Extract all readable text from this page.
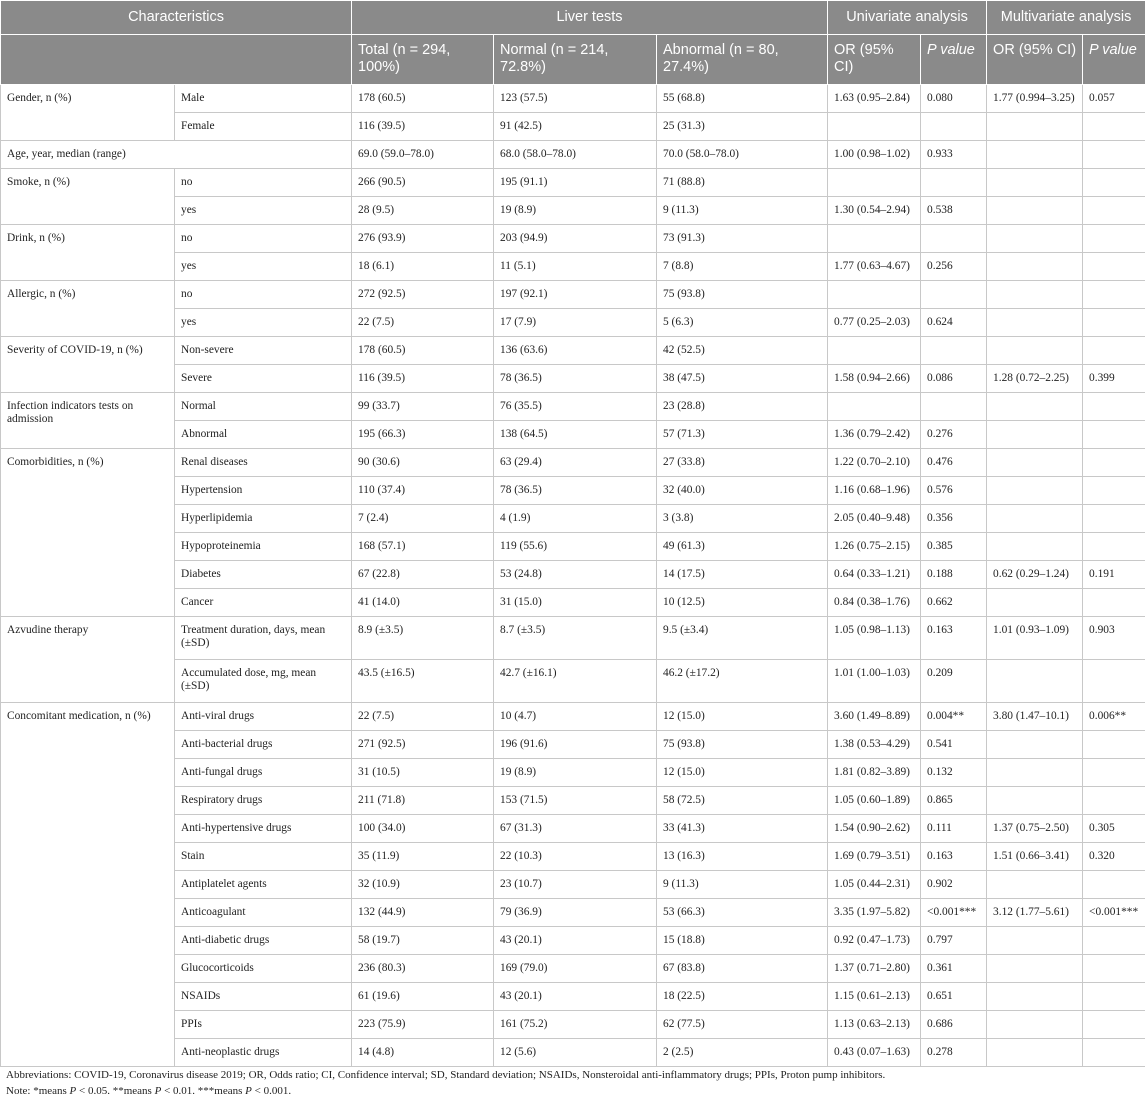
Characteristics		Liver tests			Univariate analysis		Multivariate analysis	
		Total (n = 294, 100%)	Normal (n = 214, 72.8%)	Abnormal (n = 80, 27.4%)	OR (95% CI)	P value	OR (95% CI)	P value
Gender, n (%)	Male	178 (60.5)	123 (57.5)	55 (68.8)	1.63 (0.95–2.84)	0.080	1.77 (0.994–3.25)	0.057
	Female	116 (39.5)	91 (42.5)	25 (31.3)				
Age, year, median (range)		69.0 (59.0–78.0)	68.0 (58.0–78.0)	70.0 (58.0–78.0)	1.00 (0.98–1.02)	0.933		
Smoke, n (%)	no	266 (90.5)	195 (91.1)	71 (88.8)				
	yes	28 (9.5)	19 (8.9)	9 (11.3)	1.30 (0.54–2.94)	0.538		
Drink, n (%)	no	276 (93.9)	203 (94.9)	73 (91.3)				
	yes	18 (6.1)	11 (5.1)	7 (8.8)	1.77 (0.63–4.67)	0.256		
Allergic, n (%)	no	272 (92.5)	197 (92.1)	75 (93.8)				
	yes	22 (7.5)	17 (7.9)	5 (6.3)	0.77 (0.25–2.03)	0.624		
Severity of COVID-19, n (%)	Non-severe	178 (60.5)	136 (63.6)	42 (52.5)				
	Severe	116 (39.5)	78 (36.5)	38 (47.5)	1.58 (0.94–2.66)	0.086	1.28 (0.72–2.25)	0.399
Infection indicators tests on admission	Normal	99 (33.7)	76 (35.5)	23 (28.8)				
	Abnormal	195 (66.3)	138 (64.5)	57 (71.3)	1.36 (0.79–2.42)	0.276		
Comorbidities, n (%)	Renal diseases	90 (30.6)	63 (29.4)	27 (33.8)	1.22 (0.70–2.10)	0.476		
	Hypertension	110 (37.4)	78 (36.5)	32 (40.0)	1.16 (0.68–1.96)	0.576		
	Hyperlipidemia	7 (2.4)	4 (1.9)	3 (3.8)	2.05 (0.40–9.48)	0.356		
	Hypoproteinemia	168 (57.1)	119 (55.6)	49 (61.3)	1.26 (0.75–2.15)	0.385		
	Diabetes	67 (22.8)	53 (24.8)	14 (17.5)	0.64 (0.33–1.21)	0.188	0.62 (0.29–1.24)	0.191
	Cancer	41 (14.0)	31 (15.0)	10 (12.5)	0.84 (0.38–1.76)	0.662		
Azvudine therapy	Treatment duration, days, mean (±SD)	8.9 (±3.5)	8.7 (±3.5)	9.5 (±3.4)	1.05 (0.98–1.13)	0.163	1.01 (0.93–1.09)	0.903
	Accumulated dose, mg, mean (±SD)	43.5 (±16.5)	42.7 (±16.1)	46.2 (±17.2)	1.01 (1.00–1.03)	0.209		
Concomitant medication, n (%)	Anti-viral drugs	22 (7.5)	10 (4.7)	12 (15.0)	3.60 (1.49–8.89)	0.004**	3.80 (1.47–10.1)	0.006**
	Anti-bacterial drugs	271 (92.5)	196 (91.6)	75 (93.8)	1.38 (0.53–4.29)	0.541		
	Anti-fungal drugs	31 (10.5)	19 (8.9)	12 (15.0)	1.81 (0.82–3.89)	0.132		
	Respiratory drugs	211 (71.8)	153 (71.5)	58 (72.5)	1.05 (0.60–1.89)	0.865		
	Anti-hypertensive drugs	100 (34.0)	67 (31.3)	33 (41.3)	1.54 (0.90–2.62)	0.111	1.37 (0.75–2.50)	0.305
	Stain	35 (11.9)	22 (10.3)	13 (16.3)	1.69 (0.79–3.51)	0.163	1.51 (0.66–3.41)	0.320
	Antiplatelet agents	32 (10.9)	23 (10.7)	9 (11.3)	1.05 (0.44–2.31)	0.902		
	Anticoagulant	132 (44.9)	79 (36.9)	53 (66.3)	3.35 (1.97–5.82)	<0.001***	3.12 (1.77–5.61)	<0.001***
	Anti-diabetic drugs	58 (19.7)	43 (20.1)	15 (18.8)	0.92 (0.47–1.73)	0.797		
	Glucocorticoids	236 (80.3)	169 (79.0)	67 (83.8)	1.37 (0.71–2.80)	0.361		
	NSAIDs	61 (19.6)	43 (20.1)	18 (22.5)	1.15 (0.61–2.13)	0.651		
	PPIs	223 (75.9)	161 (75.2)	62 (77.5)	1.13 (0.63–2.13)	0.686		
	Anti-neoplastic drugs	14 (4.8)	12 (5.6)	2 (2.5)	0.43 (0.07–1.63)	0.278		

Abbreviations: COVID-19, Coronavirus disease 2019; OR, Odds ratio; CI, Confidence interval; SD, Standard deviation; NSAIDs, Nonsteroidal anti-inflammatory drugs; PPIs, Proton pump inhibitors.

Note: *means P < 0.05. **means P < 0.01. ***means P < 0.001.
